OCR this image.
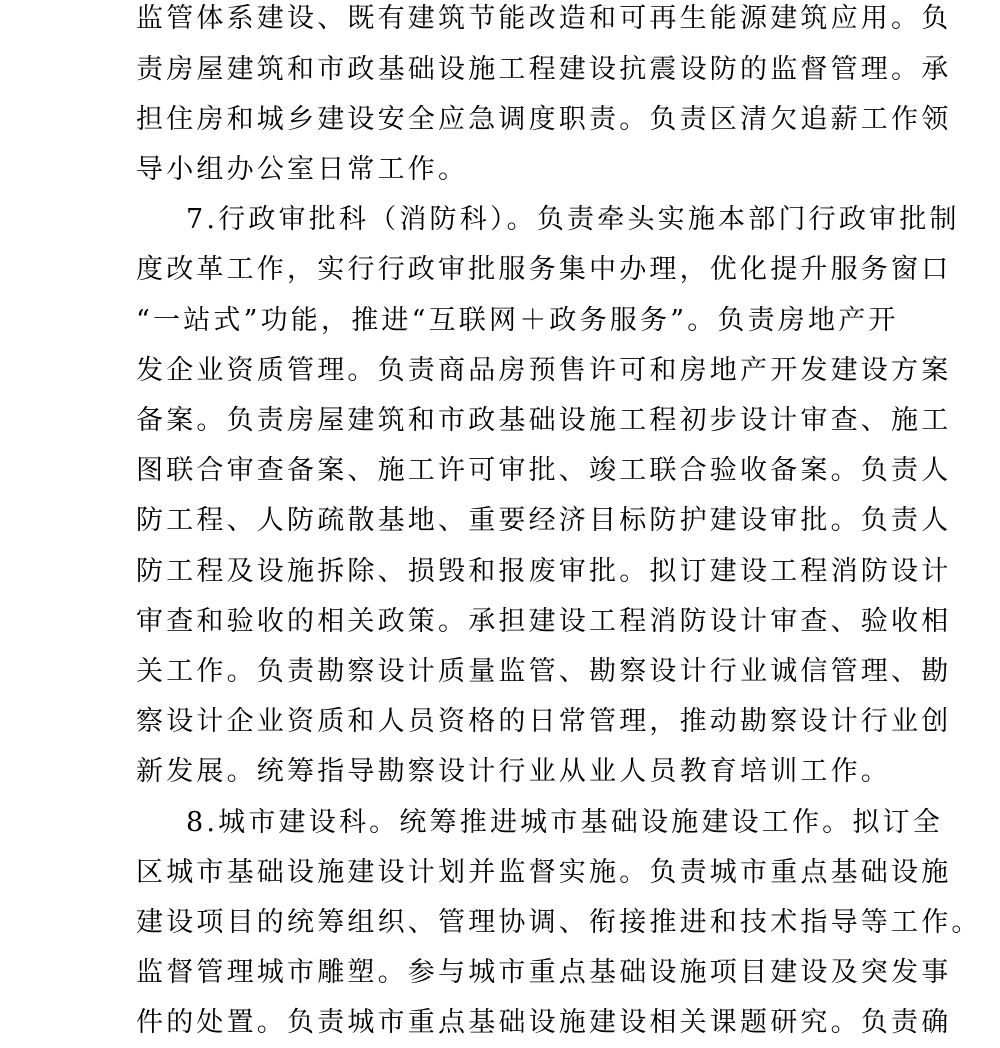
监管体系建设、既有建筑节能改造和可再生能源建筑应用。负
责房屋建筑和市政基础设施工程建设抗震设防的监督管理。承
担住房和城乡建设安全应急调度职责。负责区清欠追薪工作领
导小组办公室日常工作。
7.行政审批科（消防科）。负责牵头实施本部门行政审批制
度改革工作，实行行政审批服务集中办理，优化提升服务窗口
“一站式”功能，推进“互联网＋政务服务”。负责房地产开
发企业资质管理。负责商品房预售许可和房地产开发建设方案
备案。负责房屋建筑和市政基础设施工程初步设计审查、施工
图联合审查备案、施工许可审批、竣工联合验收备案。负责人
防工程、人防疏散基地、重要经济目标防护建设审批。负责人
防工程及设施拆除、损毁和报废审批。拟订建设工程消防设计
审查和验收的相关政策。承担建设工程消防设计审查、验收相
关工作。负责勘察设计质量监管、勘察设计行业诚信管理、勘
察设计企业资质和人员资格的日常管理，推动勘察设计行业创
新发展。统筹指导勘察设计行业从业人员教育培训工作。
8.城市建设科。统筹推进城市基础设施建设工作。拟订全
区城市基础设施建设计划并监督实施。负责城市重点基础设施
建设项目的统筹组织、管理协调、衔接推进和技术指导等工作。
监督管理城市雕塑。参与城市重点基础设施项目建设及突发事
件的处置。负责城市重点基础设施建设相关课题研究。负责确
